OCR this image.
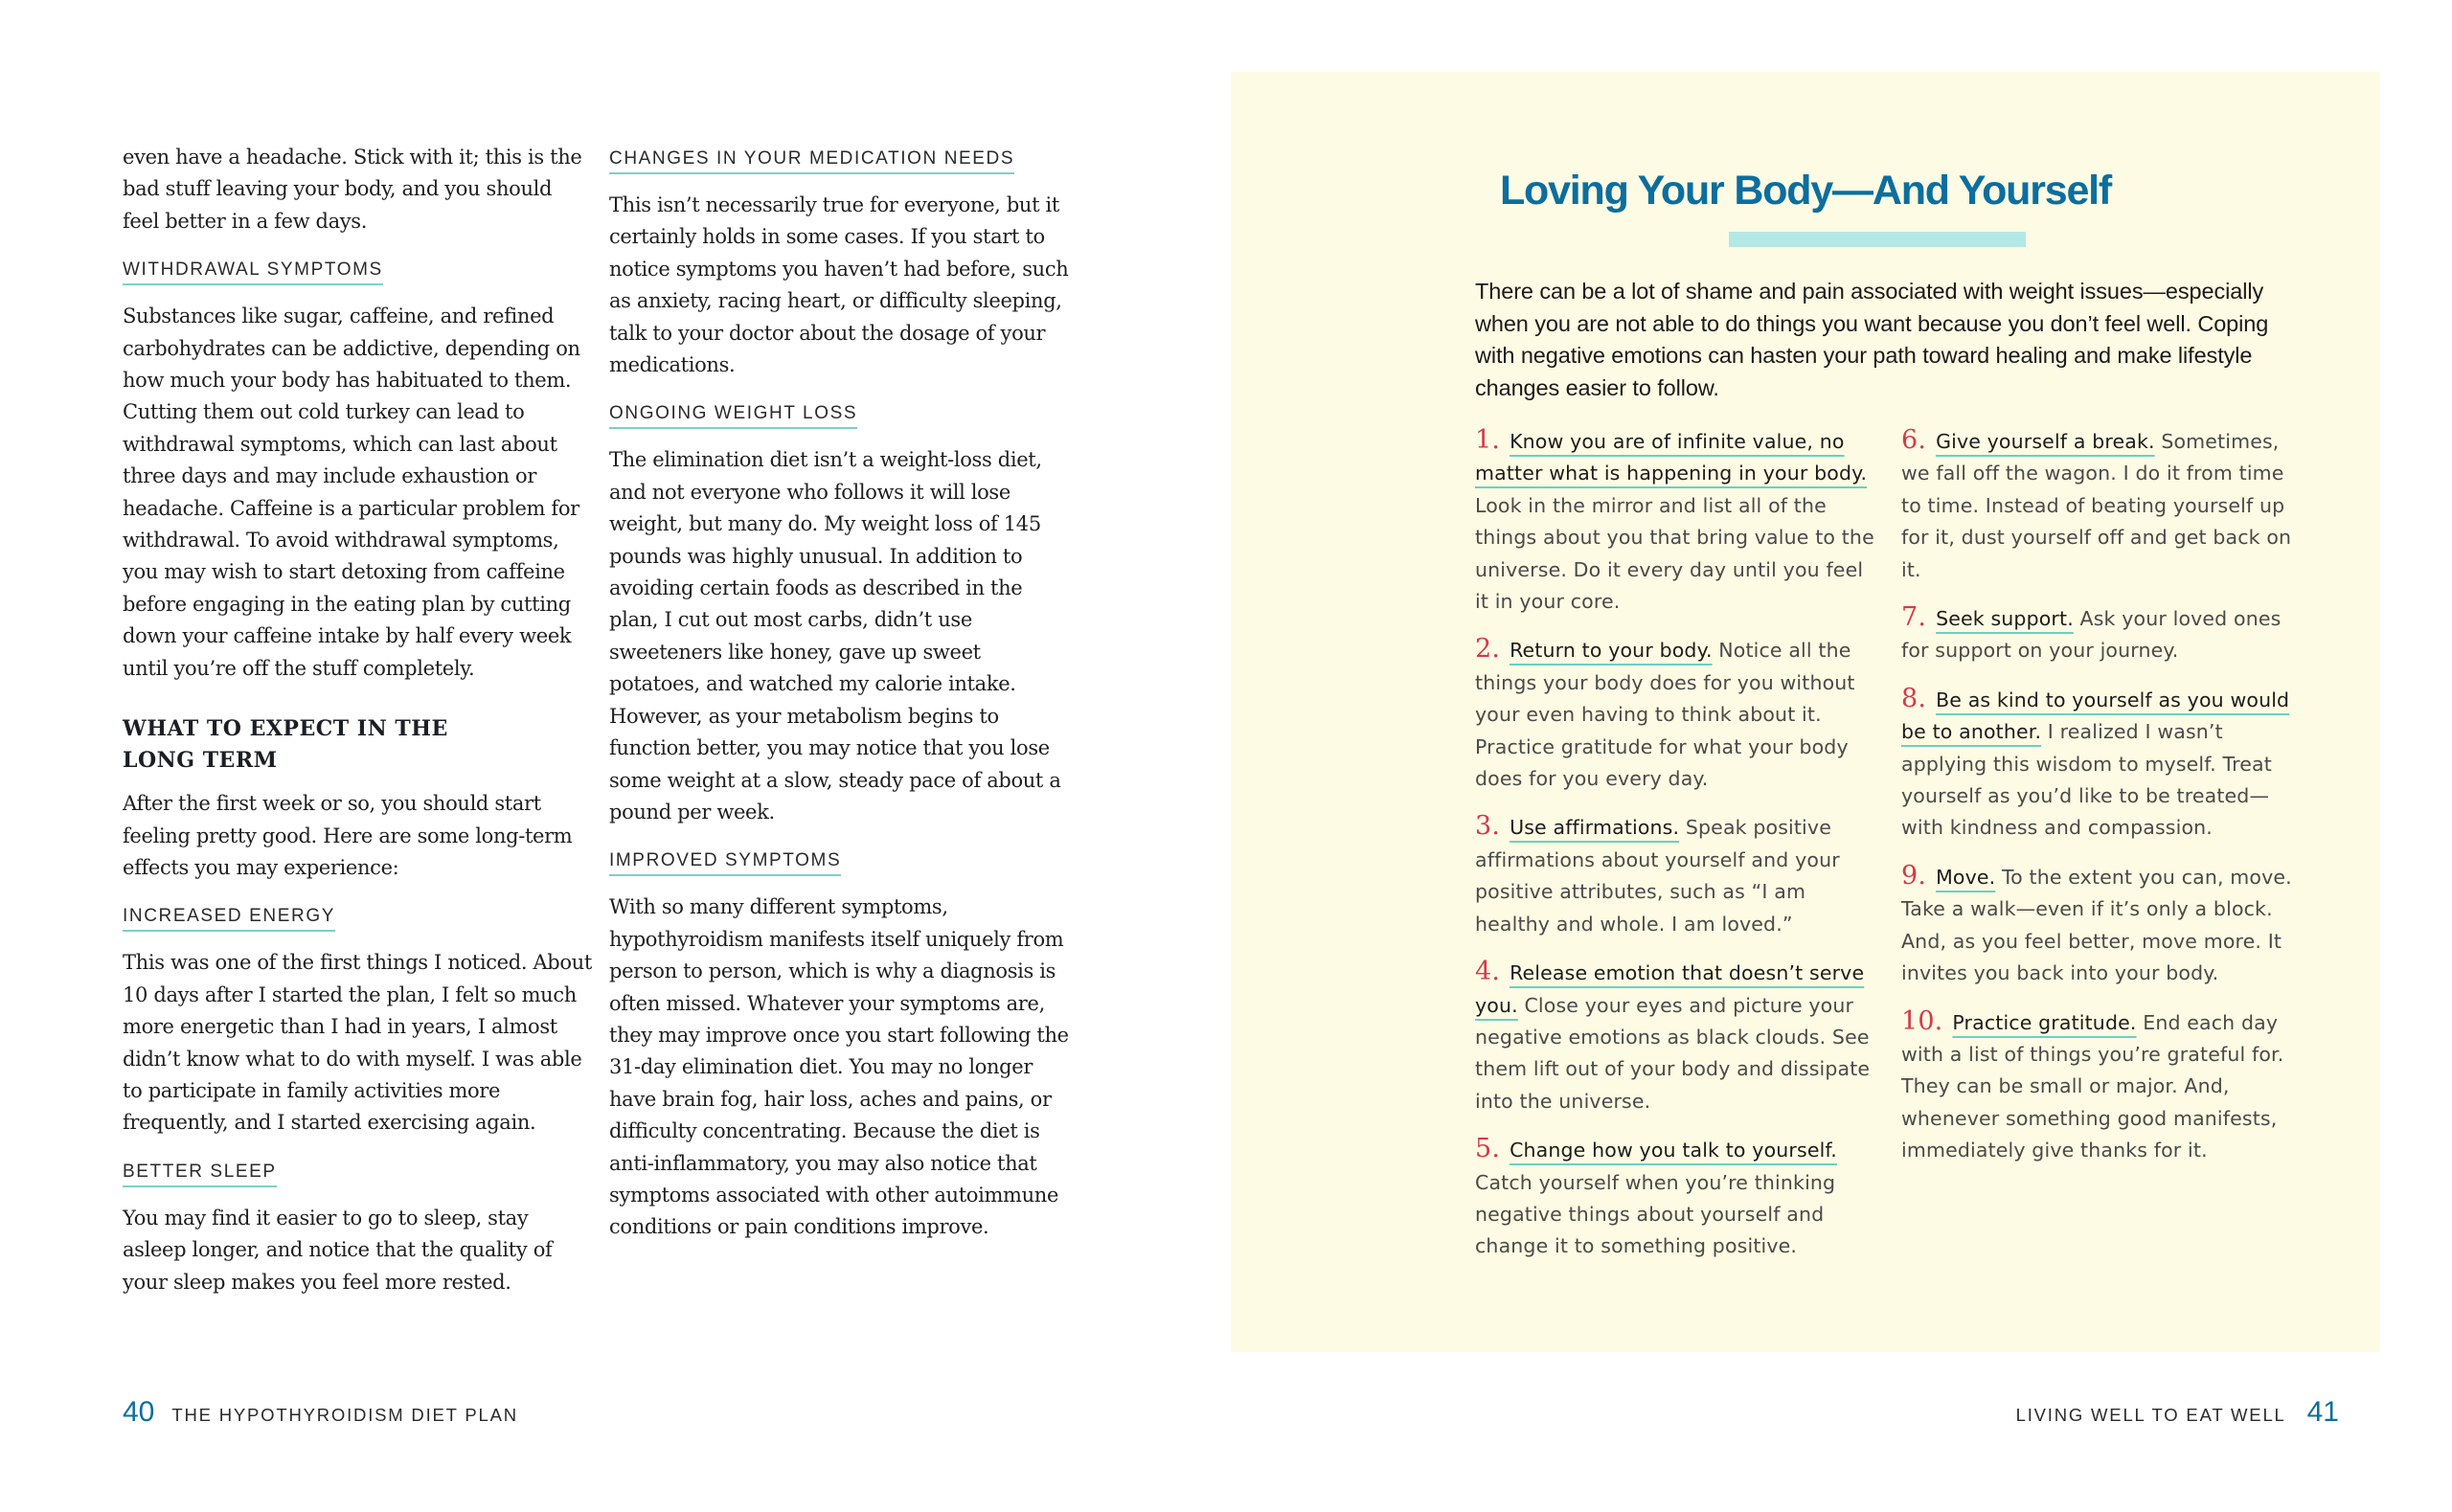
even have a headache. Stick with it; this is the bad stuff leaving your body, and you should feel better in a few days.

WITHDRAWAL SYMPTOMS

Substances like sugar, caffeine, and refined carbohydrates can be addictive, depending on how much your body has habituated to them. Cutting them out cold turkey can lead to withdrawal symptoms, which can last about three days and may include exhaustion or headache. Caffeine is a particular problem for withdrawal. To avoid withdrawal symptoms, you may wish to start detoxing from caffeine before engaging in the eating plan by cutting down your caffeine intake by half every week until you’re off the stuff completely.

WHAT TO EXPECT IN THE LONG TERM

After the first week or so, you should start feeling pretty good. Here are some long-term effects you may experience:

INCREASED ENERGY

This was one of the first things I noticed. About 10 days after I started the plan, I felt so much more energetic than I had in years, I almost didn’t know what to do with myself. I was able to participate in family activities more frequently, and I started exercising again.

BETTER SLEEP

You may find it easier to go to sleep, stay asleep longer, and notice that the quality of your sleep makes you feel more rested.

CHANGES IN YOUR MEDICATION NEEDS

This isn’t necessarily true for everyone, but it certainly holds in some cases. If you start to notice symptoms you haven’t had before, such as anxiety, racing heart, or difficulty sleeping, talk to your doctor about the dosage of your medications.

ONGOING WEIGHT LOSS

The elimination diet isn’t a weight-loss diet, and not everyone who follows it will lose weight, but many do. My weight loss of 145 pounds was highly unusual. In addition to avoiding certain foods as described in the plan, I cut out most carbs, didn’t use sweeteners like honey, gave up sweet potatoes, and watched my calorie intake. However, as your metabolism begins to function better, you may notice that you lose some weight at a slow, steady pace of about a pound per week.

IMPROVED SYMPTOMS

With so many different symptoms, hypothyroidism manifests itself uniquely from person to person, which is why a diagnosis is often missed. Whatever your symptoms are, they may improve once you start following the 31-day elimination diet. You may no longer have brain fog, hair loss, aches and pains, or difficulty concentrating. Because the diet is anti-inflammatory, you may also notice that symptoms associated with other autoimmune conditions or pain conditions improve.

40 THE HYPOTHYROIDISM DIET PLAN
Loving Your Body—And Yourself

There can be a lot of shame and pain associated with weight issues—especially when you are not able to do things you want because you don’t feel well. Coping with negative emotions can hasten your path toward healing and make lifestyle changes easier to follow.

1. Know you are of infinite value, no matter what is happening in your body. Look in the mirror and list all of the things about you that bring value to the universe. Do it every day until you feel it in your core.
2. Return to your body. Notice all the things your body does for you without your even having to think about it. Practice gratitude for what your body does for you every day.
3. Use affirmations. Speak positive affirmations about yourself and your positive attributes, such as “I am healthy and whole. I am loved.”
4. Release emotion that doesn’t serve you. Close your eyes and picture your negative emotions as black clouds. See them lift out of your body and dissipate into the universe.
5. Change how you talk to yourself. Catch yourself when you’re thinking negative things about yourself and change it to something positive.
6. Give yourself a break. Sometimes, we fall off the wagon. I do it from time to time. Instead of beating yourself up for it, dust yourself off and get back on it.
7. Seek support. Ask your loved ones for support on your journey.
8. Be as kind to yourself as you would be to another. I realized I wasn’t applying this wisdom to myself. Treat yourself as you’d like to be treated—with kindness and compassion.
9. Move. To the extent you can, move. Take a walk—even if it’s only a block. And, as you feel better, move more. It invites you back into your body.
10. Practice gratitude. End each day with a list of things you’re grateful for. They can be small or major. And, whenever something good manifests, immediately give thanks for it.
LIVING WELL TO EAT WELL 41
